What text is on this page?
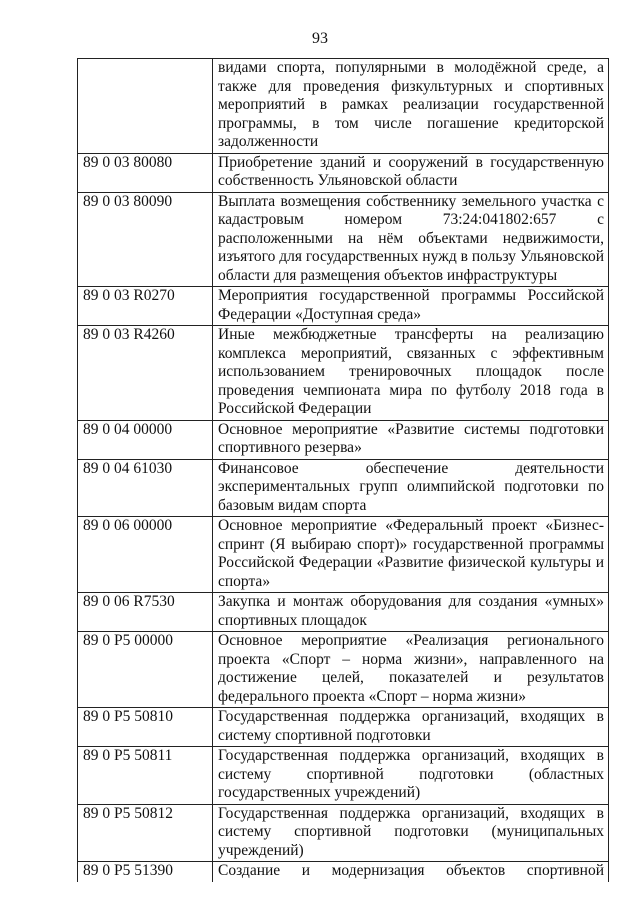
93
	видами спорта, популярными в молодёжной среде, а также для проведения физкультурных и спортивных мероприятий в рамках реализации государственной программы, в том числе погашение кредиторской задолженности
89 0 03 80080	Приобретение зданий и сооружений в государственную собственность Ульяновской области
89 0 03 80090	Выплата возмещения собственнику земельного участка с кадастровым номером 73:24:041802:657 с расположенными на нём объектами недвижимости, изъятого для государственных нужд в пользу Ульяновской области для размещения объектов инфраструктуры
89 0 03 R0270	Мероприятия государственной программы Российской Федерации «Доступная среда»
89 0 03 R4260	Иные межбюджетные трансферты на реализацию комплекса мероприятий, связанных с эффективным использованием тренировочных площадок после проведения чемпионата мира по футболу 2018 года в Российской Федерации
89 0 04 00000	Основное мероприятие «Развитие системы подготовки спортивного резерва»
89 0 04 61030	Финансовое обеспечение деятельности экспериментальных групп олимпийской подготовки по базовым видам спорта
89 0 06 00000	Основное мероприятие «Федеральный проект «Бизнес-спринт (Я выбираю спорт)» государственной программы Российской Федерации «Развитие физической культуры и спорта»
89 0 06 R7530	Закупка и монтаж оборудования для создания «умных» спортивных площадок
89 0 P5 00000	Основное мероприятие «Реализация регионального проекта «Спорт – норма жизни», направленного на достижение целей, показателей и результатов федерального проекта «Спорт – норма жизни»
89 0 P5 50810	Государственная поддержка организаций, входящих в систему спортивной подготовки
89 0 P5 50811	Государственная поддержка организаций, входящих в систему спортивной подготовки (областных государственных учреждений)
89 0 P5 50812	Государственная поддержка организаций, входящих в систему спортивной подготовки (муниципальных учреждений)
89 0 P5 51390	Создание и модернизация объектов спортивной
